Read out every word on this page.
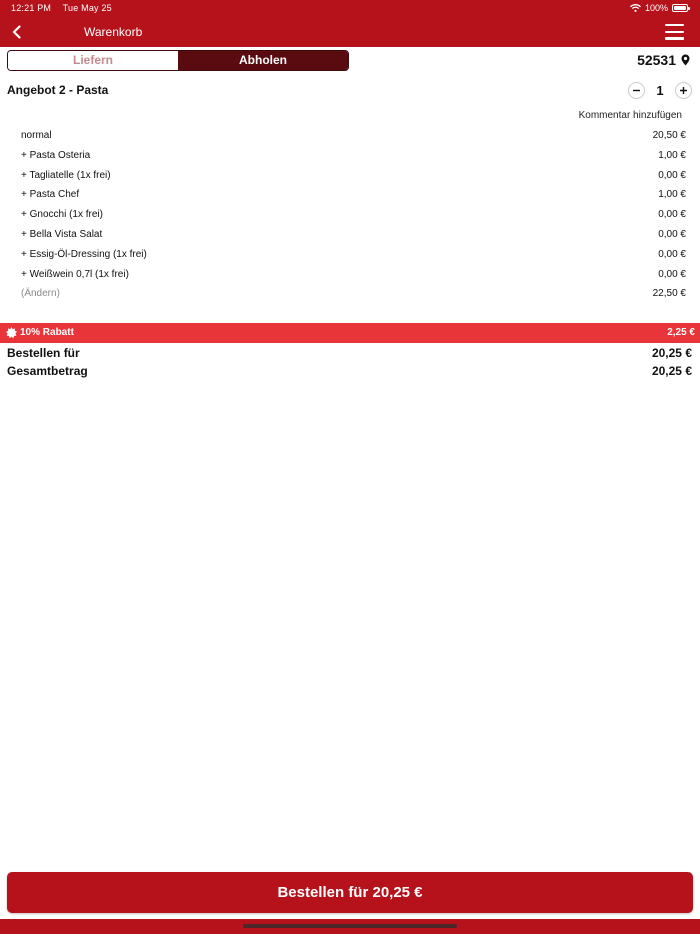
12:21 PM Tue May 25	100%
Warenkorb
Liefern	Abholen	52531
Angebot 2 - Pasta	1
Kommentar hinzufügen
normal	20,50 €
+ Pasta Osteria	1,00 €
+ Tagliatelle (1x frei)	0,00 €
+ Pasta Chef	1,00 €
+ Gnocchi (1x frei)	0,00 €
+ Bella Vista Salat	0,00 €
+ Essig-Öl-Dressing (1x frei)	0,00 €
+ Weißwein 0,7l (1x frei)	0,00 €
(Ändern)	22,50 €
10% Rabatt	2,25 €
Bestellen für	20,25 €
Gesamtbetrag	20,25 €
Bestellen für 20,25 €
